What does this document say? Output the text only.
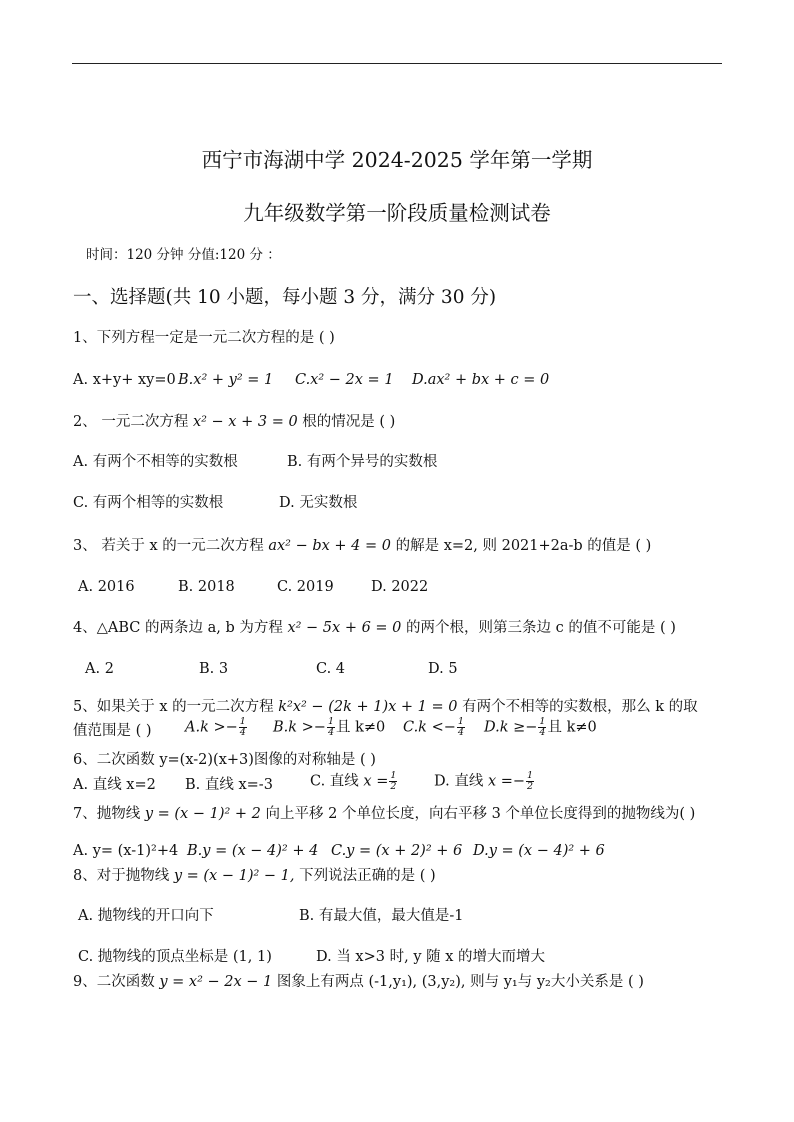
西宁市海湖中学 2024-2025 学年第一学期
九年级数学第一阶段质量检测试卷
时间：120 分钟 分值:120 分 ：
一、选择题(共 10 小题，每小题 3 分，满分 30 分)
1、下列方程一定是一元二次方程的是 ( )
A. x+y+ xy=0 B.x² + y² = 1 C.x² − 2x = 1 D.ax² + bx + c = 0
2、 一元二次方程 x² − x + 3 = 0 根的情况是 ( )
A. 有两个不相等的实数根	B. 有两个异号的实数根
C. 有两个相等的实数根	D. 无实数根
3、 若关于 x 的一元二次方程 ax² − bx + 4 = 0 的解是 x=2, 则 2021+2a-b 的值是 ( )
A. 2016	B. 2018	C. 2019	D. 2022
4、△ABC 的两条边 a, b 为方程 x² − 5x + 6 = 0 的两个根，则第三条边 c 的值不可能是 ( )
A. 2	B. 3	C. 4	D. 5
5、如果关于 x 的一元二次方程 k²x² − (2k + 1)x + 1 = 0 有两个不相等的实数根，那么 k 的取
值范围是 ( ) $A.k >- \frac{1}{4} B.k >- \frac{1}{4}$ 且 k≠0 $C.k <- \frac{1}{4} D.k \ge- \frac{1}{4}$ 且 k≠0
6、二次函数 y=(x-2)(x+3)图像的对称轴是 ( )
A. 直线 x=2 B. 直线 x=-3	C. 直线 $x = \frac{1}{2}$	D. 直线 $x =- \frac{1}{2}$
7、抛物线 y = (x − 1)² + 2 向上平移 2 个单位长度，向右平移 3 个单位长度得到的抛物线为( )
A. y= (x-1)²+4 B.y = (x − 4)² + 4 C.y = (x + 2)² + 6 D.y = (x − 4)² + 6
8、对于抛物线 y = (x − 1)² − 1, 下列说法正确的是 ( )
A. 抛物线的开口向下	B. 有最大值，最大值是-1
C. 抛物线的顶点坐标是 (1, 1)	D. 当 x>3 时, y 随 x 的增大而增大
9、二次函数 y = x² − 2x − 1 图象上有两点 (-1,y₁), (3,y₂), 则与 y₁与 y₂大小关系是 ( )
